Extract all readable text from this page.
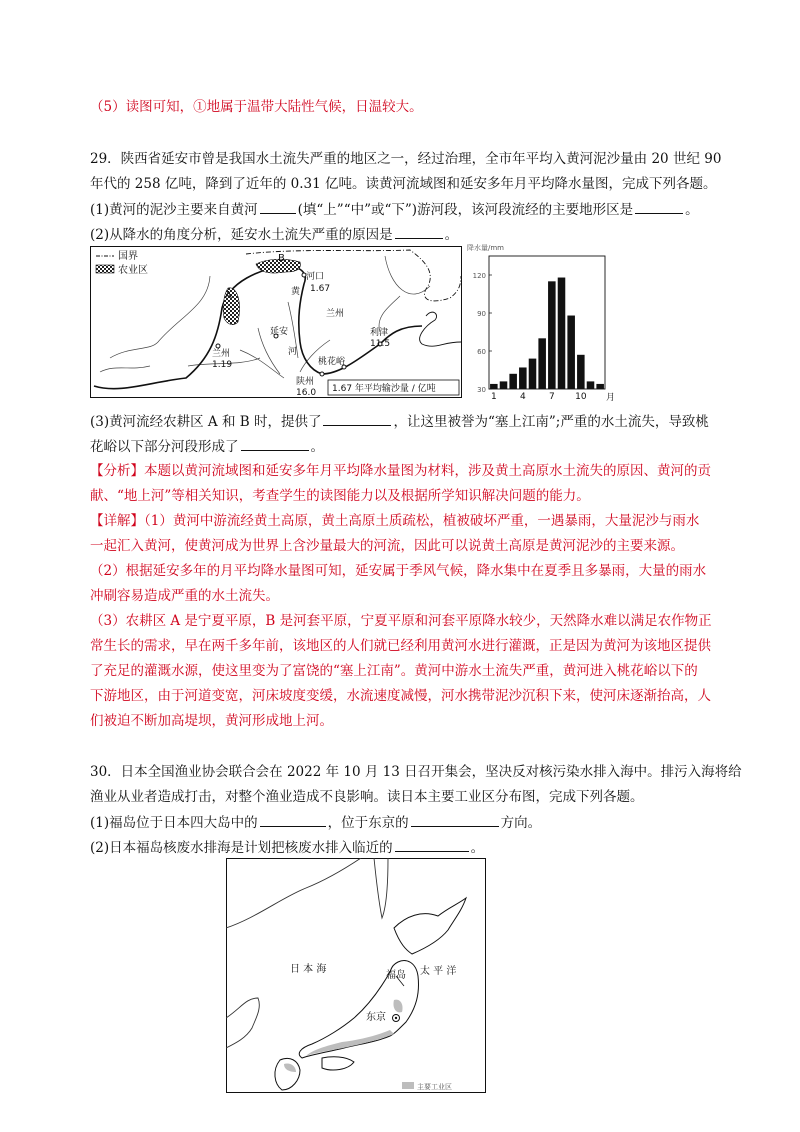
（5）读图可知，①地属于温带大陆性气候，日温较大。
29．陕西省延安市曾是我国水土流失严重的地区之一，经过治理，全市年平均入黄河泥沙量由 20 世纪 90
年代的 258 亿吨，降到了近年的 0.31 亿吨。读黄河流域图和延安多年月平均降水量图，完成下列各题。
(1)黄河的泥沙主要来自黄河	(填“上”“中”或“下”)游河段，该河段流经的主要地形区是	。
(2)从降水的角度分析，延安水土流失严重的原因是	。
国界
农业区
A
B
河口
1.67
黄
兰州
延安
河
兰州
1.19
利津
11.5
桃花峪
陕州
16.0 1.67 年平均输沙量 / 亿吨
降水量/mm
30
60
90
120
1	4	7 10 月
(3)黄河流经农耕区 A 和 B 时，提供了	，让这里被誉为“塞上江南”;严重的水土流失，导致桃
花峪以下部分河段形成了	。
【分析】本题以黄河流域图和延安多年月平均降水量图为材料，涉及黄土高原水土流失的原因、黄河的贡
献、“地上河”等相关知识，考查学生的读图能力以及根据所学知识解决问题的能力。
【详解】（1）黄河中游流经黄土高原，黄土高原土质疏松，植被破坏严重，一遇暴雨，大量泥沙与雨水
一起汇入黄河，使黄河成为世界上含沙量最大的河流，因此可以说黄土高原是黄河泥沙的主要来源。
（2）根据延安多年的月平均降水量图可知，延安属于季风气候，降水集中在夏季且多暴雨，大量的雨水
冲刷容易造成严重的水土流失。
（3）农耕区 A 是宁夏平原，B 是河套平原，宁夏平原和河套平原降水较少，天然降水难以满足农作物正
常生长的需求，早在两千多年前，该地区的人们就已经利用黄河水进行灌溉，正是因为黄河为该地区提供
了充足的灌溉水源，使这里变为了富饶的“塞上江南”。黄河中游水土流失严重，黄河进入桃花峪以下的
下游地区，由于河道变宽，河床坡度变缓，水流速度减慢，河水携带泥沙沉积下来，使河床逐渐抬高，人
们被迫不断加高堤坝，黄河形成地上河。
30．日本全国渔业协会联合会在 2022 年 10 月 13 日召开集会，坚决反对核污染水排入海中。排污入海将给
渔业从业者造成打击，对整个渔业造成不良影响。读日本主要工业区分布图，完成下列各题。
(1)福岛位于日本四大岛中的	，位于东京的	方向。
(2)日本福岛核废水排海是计划把核废水排入临近的	。
日 本 海	太 平 洋
福岛
东京
主要工业区
